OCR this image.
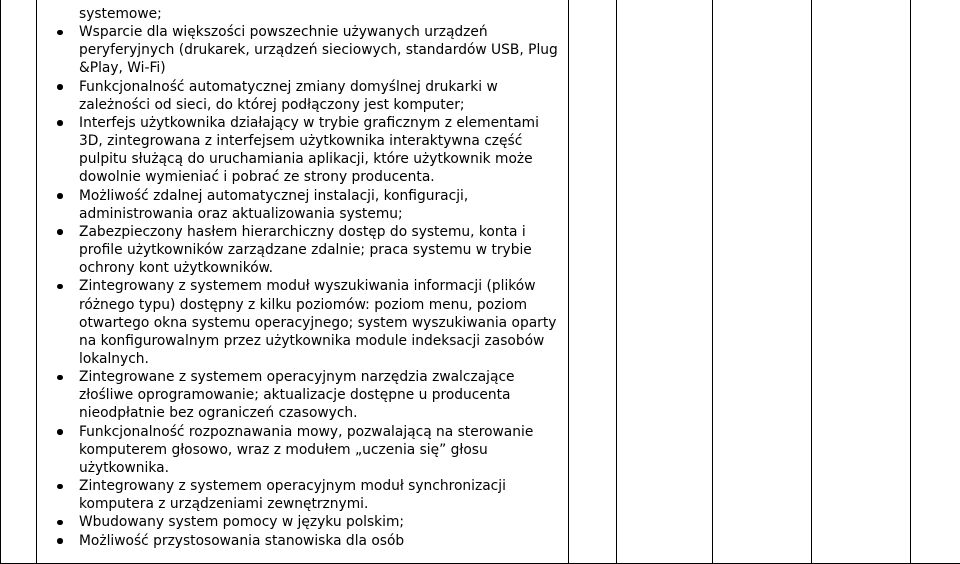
systemowe;
Wsparcie dla większości powszechnie używanych urządzeń peryferyjnych (drukarek, urządzeń sieciowych, standardów USB, Plug &Play, Wi-Fi)
Funkcjonalność automatycznej zmiany domyślnej drukarki w zależności od sieci, do której podłączony jest komputer;
Interfejs użytkownika działający w trybie graficznym z elementami 3D, zintegrowana z interfejsem użytkownika interaktywna część pulpitu służącą do uruchamiania aplikacji, które użytkownik może dowolnie wymieniać i pobrać ze strony producenta.
Możliwość zdalnej automatycznej instalacji, konfiguracji, administrowania oraz aktualizowania systemu;
Zabezpieczony hasłem hierarchiczny dostęp do systemu, konta i profile użytkowników zarządzane zdalnie; praca systemu w trybie ochrony kont użytkowników.
Zintegrowany z systemem moduł wyszukiwania informacji (plików różnego typu) dostępny z kilku poziomów: poziom menu, poziom otwartego okna systemu operacyjnego; system wyszukiwania oparty na konfigurowalnym przez użytkownika module indeksacji zasobów lokalnych.
Zintegrowane z systemem operacyjnym narzędzia zwalczające złośliwe oprogramowanie; aktualizacje dostępne u producenta nieodpłatnie bez ograniczeń czasowych.
Funkcjonalność rozpoznawania mowy, pozwalającą na sterowanie komputerem głosowo, wraz z modułem „uczenia się” głosu użytkownika.
Zintegrowany z systemem operacyjnym moduł synchronizacji komputera z urządzeniami zewnętrznymi.
Wbudowany system pomocy w języku polskim;
Możliwość przystosowania stanowiska dla osób
